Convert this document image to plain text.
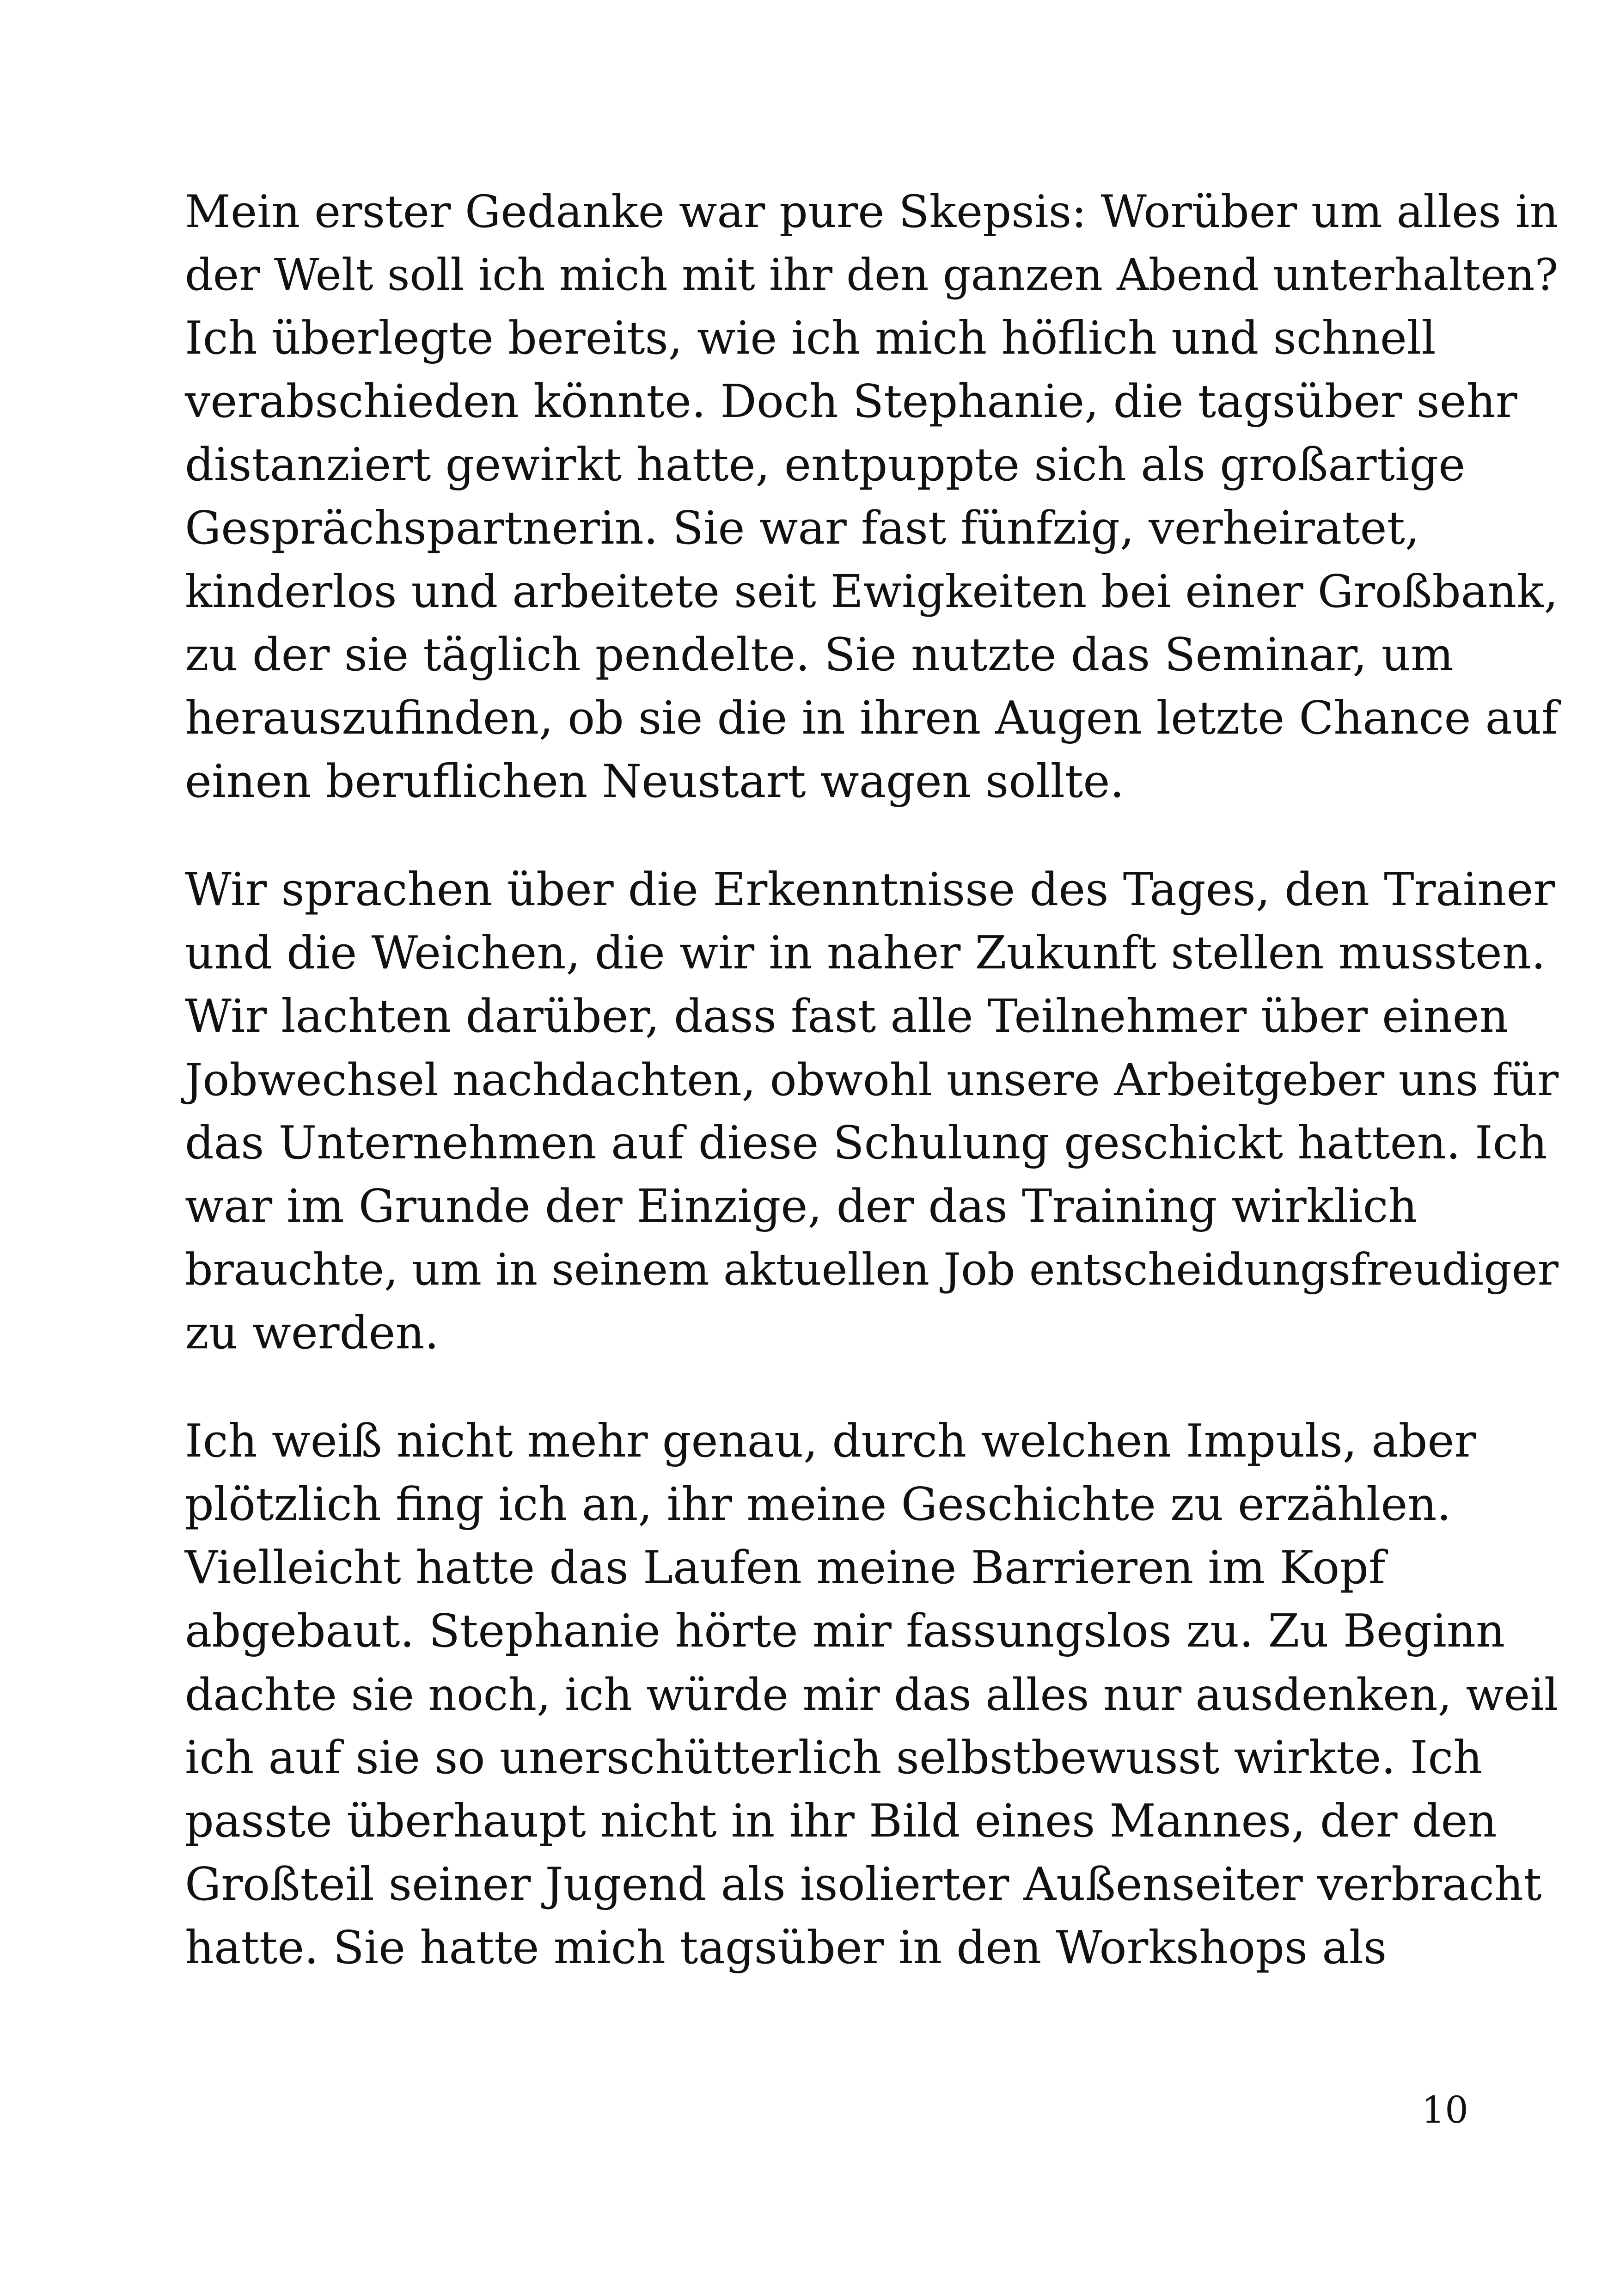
Mein erster Gedanke war pure Skepsis: Worüber um alles in
der Welt soll ich mich mit ihr den ganzen Abend unterhalten?
Ich überlegte bereits, wie ich mich höflich und schnell
verabschieden könnte. Doch Stephanie, die tagsüber sehr
distanziert gewirkt hatte, entpuppte sich als großartige
Gesprächspartnerin. Sie war fast fünfzig, verheiratet,
kinderlos und arbeitete seit Ewigkeiten bei einer Großbank,
zu der sie täglich pendelte. Sie nutzte das Seminar, um
herauszufinden, ob sie die in ihren Augen letzte Chance auf
einen beruflichen Neustart wagen sollte.
Wir sprachen über die Erkenntnisse des Tages, den Trainer
und die Weichen, die wir in naher Zukunft stellen mussten.
Wir lachten darüber, dass fast alle Teilnehmer über einen
Jobwechsel nachdachten, obwohl unsere Arbeitgeber uns für
das Unternehmen auf diese Schulung geschickt hatten. Ich
war im Grunde der Einzige, der das Training wirklich
brauchte, um in seinem aktuellen Job entscheidungsfreudiger
zu werden.
Ich weiß nicht mehr genau, durch welchen Impuls, aber
plötzlich fing ich an, ihr meine Geschichte zu erzählen.
Vielleicht hatte das Laufen meine Barrieren im Kopf
abgebaut. Stephanie hörte mir fassungslos zu. Zu Beginn
dachte sie noch, ich würde mir das alles nur ausdenken, weil
ich auf sie so unerschütterlich selbstbewusst wirkte. Ich
passte überhaupt nicht in ihr Bild eines Mannes, der den
Großteil seiner Jugend als isolierter Außenseiter verbracht
hatte. Sie hatte mich tagsüber in den Workshops als
10
